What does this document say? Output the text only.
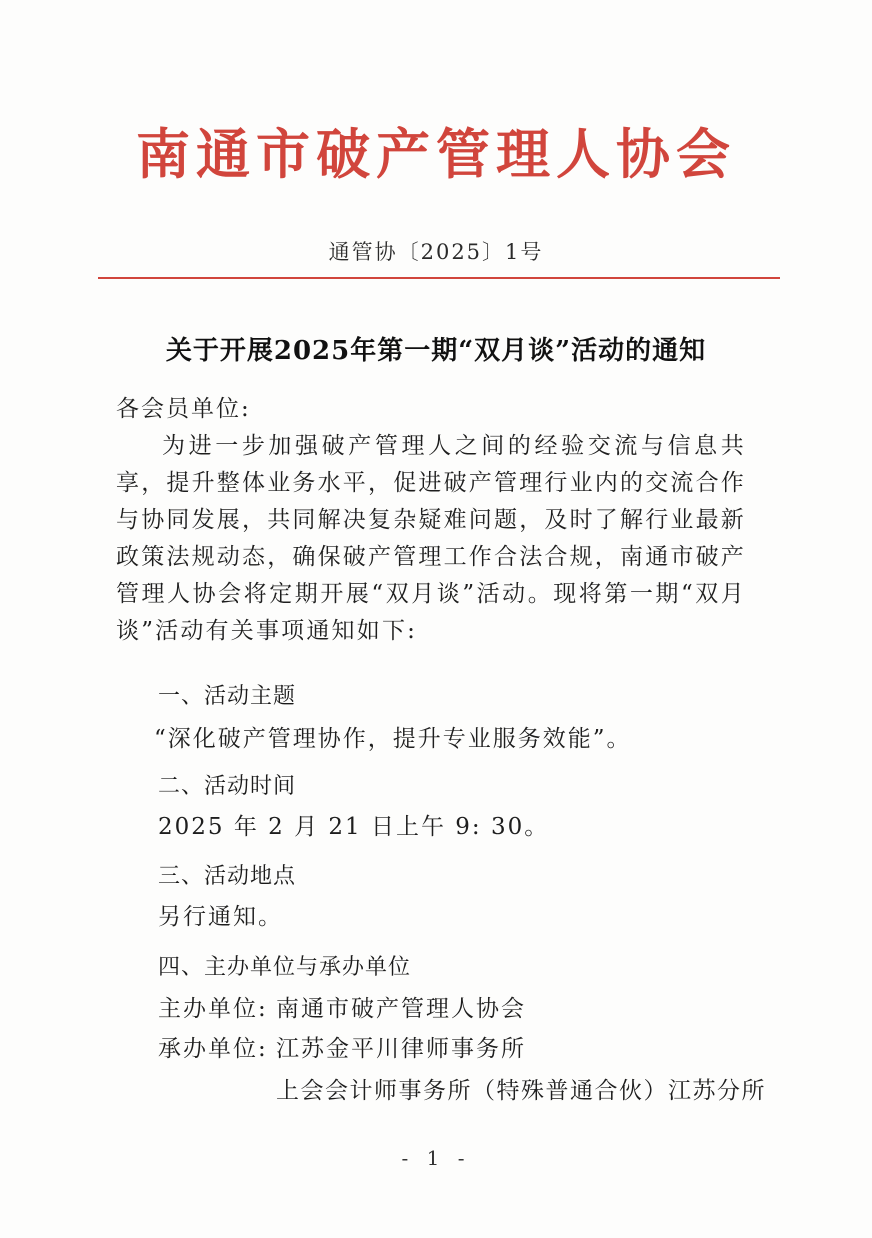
南通市破产管理人协会
通管协〔2025〕1号
关于开展2025年第一期“双月谈”活动的通知
各会员单位:
为进一步加强破产管理人之间的经验交流与信息共享，提升整体业务水平，促进破产管理行业内的交流合作与协同发展，共同解决复杂疑难问题，及时了解行业最新政策法规动态，确保破产管理工作合法合规，南通市破产管理人协会将定期开展“双月谈”活动。现将第一期“双月谈”活动有关事项通知如下:
一、活动主题
“深化破产管理协作，提升专业服务效能”。
二、活动时间
2025 年 2 月 21 日上午 9: 30。
三、活动地点
另行通知。
四、主办单位与承办单位
主办单位: 南通市破产管理人协会
承办单位: 江苏金平川律师事务所
上会会计师事务所（特殊普通合伙）江苏分所
- 1 -
